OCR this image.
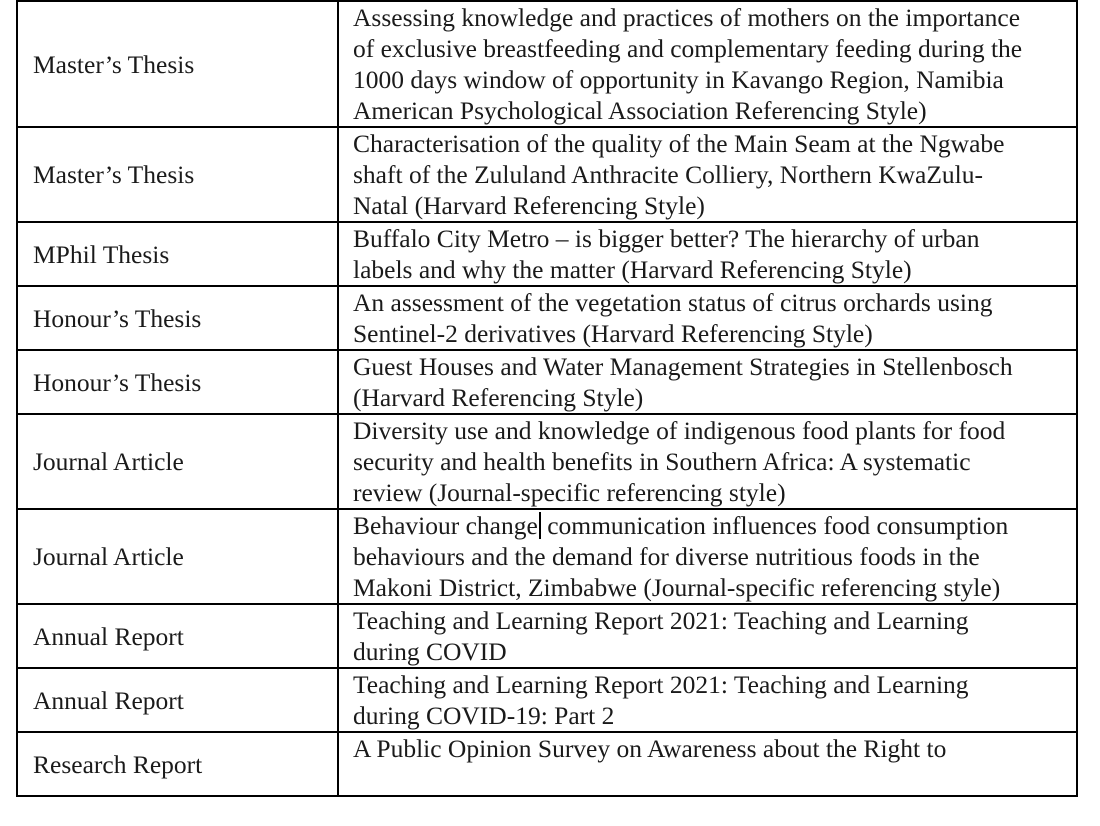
Master’s Thesis	Assessing knowledge and practices of mothers on the importance
of exclusive breastfeeding and complementary feeding during the
1000 days window of opportunity in Kavango Region, Namibia
American Psychological Association Referencing Style)

Master’s Thesis	Characterisation of the quality of the Main Seam at the Ngwabe
shaft of the Zululand Anthracite Colliery, Northern KwaZulu-
Natal (Harvard Referencing Style)

MPhil Thesis	Buffalo City Metro – is bigger better? The hierarchy of urban
labels and why the matter (Harvard Referencing Style)

Honour’s Thesis	An assessment of the vegetation status of citrus orchards using
Sentinel-2 derivatives (Harvard Referencing Style)

Honour’s Thesis	Guest Houses and Water Management Strategies in Stellenbosch
(Harvard Referencing Style)

Journal Article	Diversity use and knowledge of indigenous food plants for food
security and health benefits in Southern Africa: A systematic
review (Journal-specific referencing style)

Journal Article	Behaviour change communication influences food consumption
behaviours and the demand for diverse nutritious foods in the
Makoni District, Zimbabwe (Journal-specific referencing style)

Annual Report	Teaching and Learning Report 2021: Teaching and Learning
during COVID

Annual Report	Teaching and Learning Report 2021: Teaching and Learning
during COVID-19: Part 2

Research Report	A Public Opinion Survey on Awareness about the Right to
